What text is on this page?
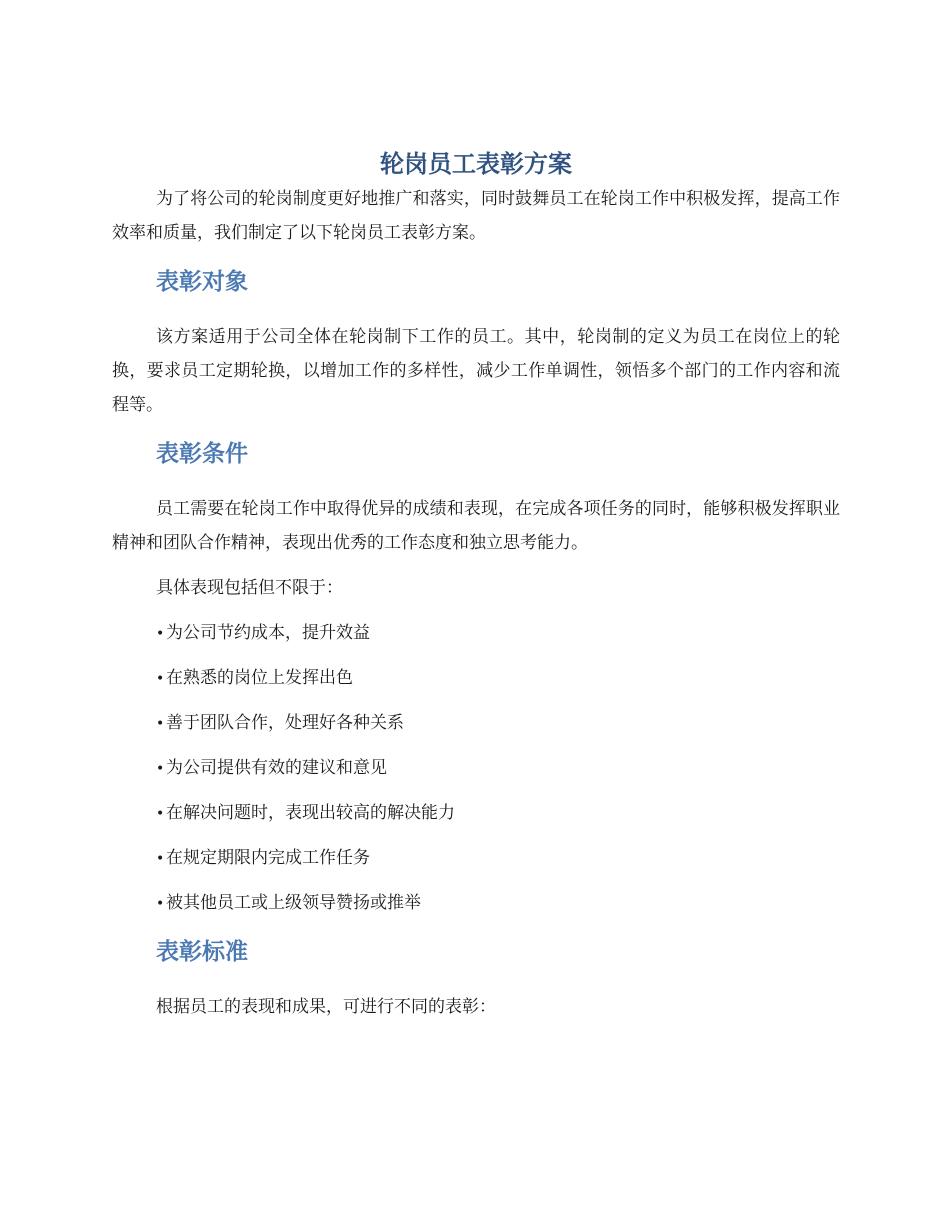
轮岗员工表彰方案

为了将公司的轮岗制度更好地推广和落实，同时鼓舞员工在轮岗工作中积极发挥，提高工作效率和质量，我们制定了以下轮岗员工表彰方案。

表彰对象

该方案适用于公司全体在轮岗制下工作的员工。其中，轮岗制的定义为员工在岗位上的轮换，要求员工定期轮换，以增加工作的多样性，减少工作单调性，领悟多个部门的工作内容和流程等。

表彰条件

员工需要在轮岗工作中取得优异的成绩和表现，在完成各项任务的同时，能够积极发挥职业精神和团队合作精神，表现出优秀的工作态度和独立思考能力。

具体表现包括但不限于：

• 为公司节约成本，提升效益
• 在熟悉的岗位上发挥出色
• 善于团队合作，处理好各种关系
• 为公司提供有效的建议和意见
• 在解决问题时，表现出较高的解决能力
• 在规定期限内完成工作任务
• 被其他员工或上级领导赞扬或推举
表彰标准

根据员工的表现和成果，可进行不同的表彰：
